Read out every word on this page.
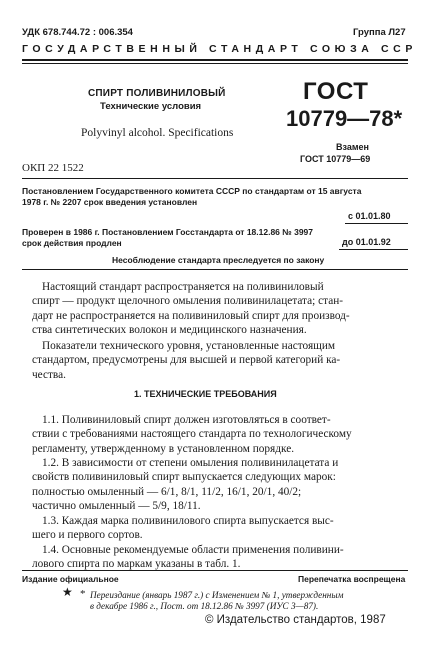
УДК 678.744.72 : 006.354	Группа Л27
ГОСУДАРСТВЕННЫЙ СТАНДАРТ СОЮЗА ССР
СПИРТ ПОЛИВИНИЛОВЫЙ
Технические условия
Polyvinyl alcohol. Specifications
ГОСТ
10779—78*
Взамен
ГОСТ 10779—69
ОКП 22 1522
Постановлением Государственного комитета СССР по стандартам от 15 августа
1978 г. № 2207 срок введения установлен
с 01.01.80
Проверен в 1986 г. Постановлением Госстандарта от 18.12.86 № 3997
срок действия продлен	до 01.01.92
Несоблюдение стандарта преследуется по закону
Настоящий стандарт распространяется на поливиниловый
спирт — продукт щелочного омыления поливинилацетата; стан-
дарт не распространяется на поливиниловый спирт для производ-
ства синтетических волокон и медицинского назначения.
Показатели технического уровня, установленные настоящим
стандартом, предусмотрены для высшей и первой категорий ка-
чества.
1. ТЕХНИЧЕСКИЕ ТРЕБОВАНИЯ
1.1. Поливиниловый спирт должен изготовляться в соответ-
ствии с требованиями настоящего стандарта по технологическому
регламенту, утвержденному в установленном порядке.
1.2. В зависимости от степени омыления поливинилацетата и
свойств поливиниловый спирт выпускается следующих марок:
полностью омыленный — 6/1, 8/1, 11/2, 16/1, 20/1, 40/2;
частично омыленный — 5/9, 18/11.
1.3. Каждая марка поливинилового спирта выпускается выс-
шего и первого сортов.
1.4. Основные рекомендуемые области применения поливини-
лового спирта по маркам указаны в табл. 1.
Издание официальное	Перепечатка воспрещена
★ * Переиздание (январь 1987 г.) с Изменением № 1, утвержденным
в декабре 1986 г., Пост. от 18.12.86 № 3997 (ИУС 3—87).
© Издательство стандартов, 1987
